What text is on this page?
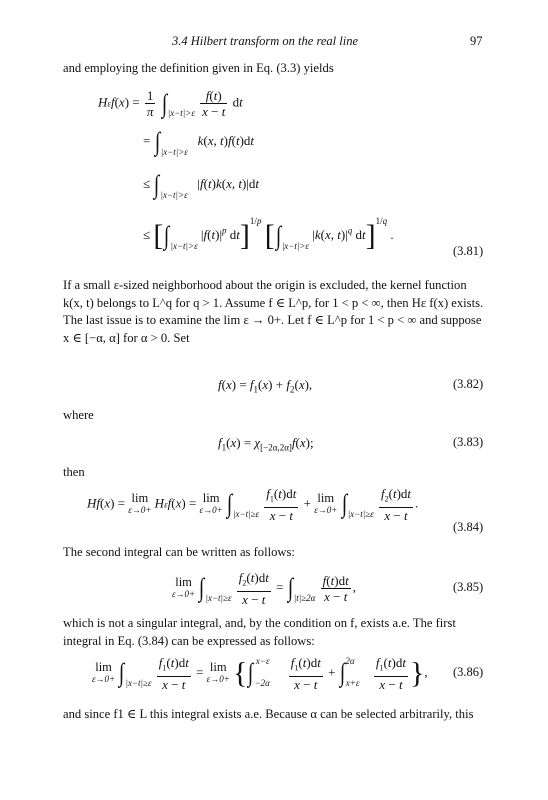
3.4 Hilbert transform on the real line	97
and employing the definition given in Eq. (3.3) yields
$H\varepsilon f(x) = \frac{1}{\pi} \int_{|x-t|>\varepsilon} \frac{f(t)}{x - t}$ dt
= $\int_{|x-t|>\varepsilon}$   k(x, t)f(t)dt
≤ $\int_{|x-t|>\varepsilon}$   |f(t)k(x, t)|dt
≤ [$\int_{|x-t|>\varepsilon}$ $|f(t)|^p$ dt]$^{1/p}$ [$\int_{|x-t|>\varepsilon}$ |k(x, $t)|^q$ dt]$^{1/q}$ .
(3.81)
If a small ε-sized neighborhood about the origin is excluded, the kernel function
k(x, t) belongs to L^q for q > 1. Assume f ∈ L^p, for 1 < p < ∞, then Hε f(x) exists.
The last issue is to examine the lim ε → 0+. Let f ∈ L^p for 1 < p < ∞ and suppose
x ∈ [−α, α] for α > 0. Set
$f(x) = f_1(x) + f_2(x)$,	(3.82)
where
$f_1(x) = \chi_{[-2\alpha,2\alpha]}f(x)$;	(3.83)
then
Hf(x) = lim
ε→0+
Hεf(x) = lim
$\varepsilon\to 0+ \int_{|x-t|\ge\varepsilon} \frac{f_1(t)dt}{x - t} + \lim$
$\varepsilon\to 0+ \int_{|x-t|\ge\varepsilon} \frac{f_2(t)dt}{x - t}$ .
(3.84)
The second integral can be written as follows:
lim
$\varepsilon\to 0+ \int_{|x-t|\ge\varepsilon} \frac{f_2(t)dt}{x - t} = \int_{|t|\ge 2\alpha} \frac{f(t)dt}{x - t}$ ,	(3.85)
which is not a singular integral, and, by the condition on f, exists a.e. The first
integral in Eq. (3.84) can be expressed as follows:
lim
$\varepsilon\to 0+ \int_{|x-t|\ge\varepsilon} \frac{f_1(t)dt}{x - t} = \lim$
$\varepsilon\to 0+ \{\int_{-2\alpha}^{x-\varepsilon} \frac{f_1(t)dt}{x - t} + \int_{x+\varepsilon}^{2\alpha} \frac{f_1(t)dt}{x - t}$ }, (3.86)
and since f1 ∈ L this integral exists a.e. Because α can be selected arbitrarily, this
